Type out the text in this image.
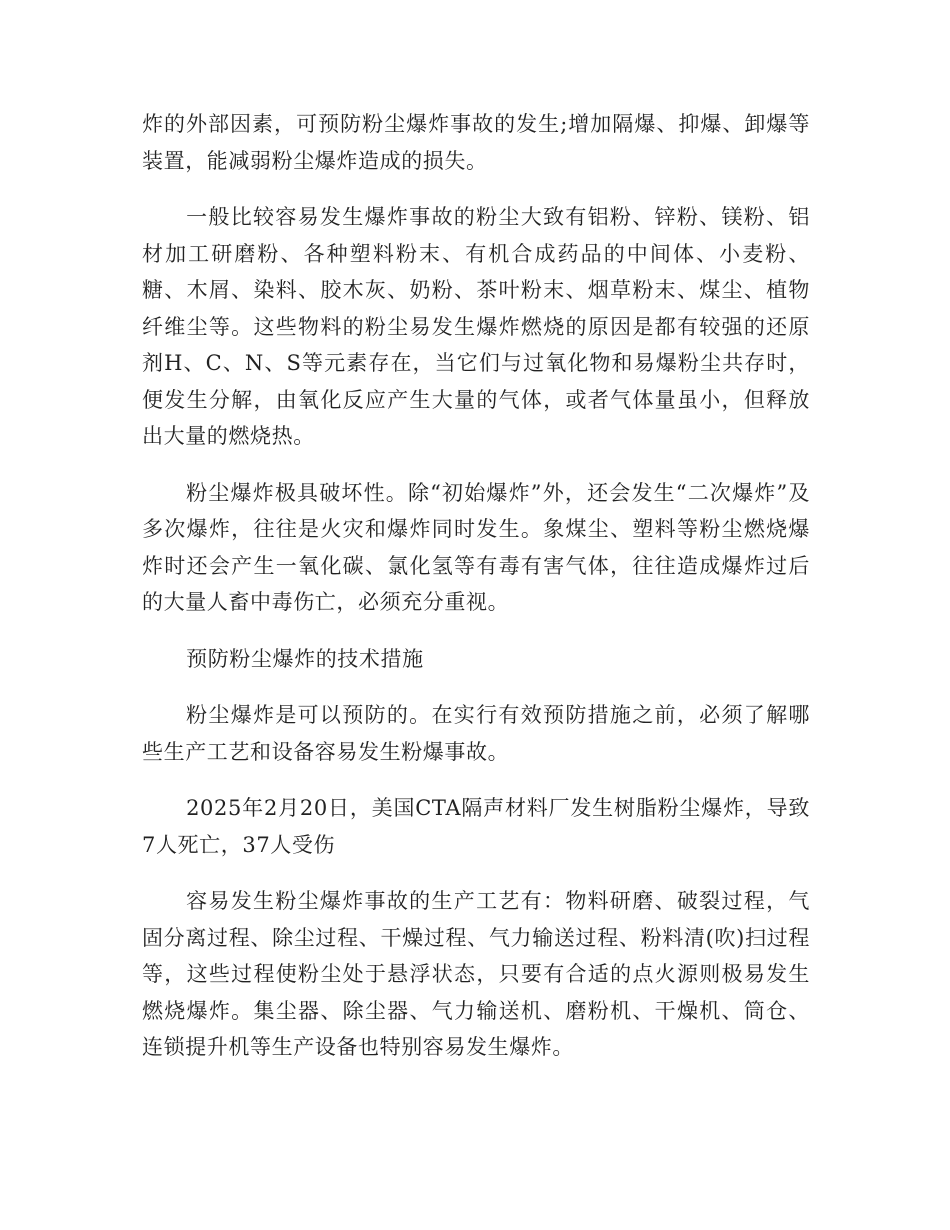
炸的外部因素，可预防粉尘爆炸事故的发生;增加隔爆、抑爆、卸爆等装置，能减弱粉尘爆炸造成的损失。

一般比较容易发生爆炸事故的粉尘大致有铝粉、锌粉、镁粉、铝材加工研磨粉、各种塑料粉末、有机合成药品的中间体、小麦粉、糖、木屑、染料、胶木灰、奶粉、茶叶粉末、烟草粉末、煤尘、植物纤维尘等。这些物料的粉尘易发生爆炸燃烧的原因是都有较强的还原剂H、C、N、S等元素存在，当它们与过氧化物和易爆粉尘共存时，便发生分解，由氧化反应产生大量的气体，或者气体量虽小，但释放出大量的燃烧热。

粉尘爆炸极具破坏性。除“初始爆炸”外，还会发生“二次爆炸”及多次爆炸，往往是火灾和爆炸同时发生。象煤尘、塑料等粉尘燃烧爆炸时还会产生一氧化碳、氯化氢等有毒有害气体，往往造成爆炸过后的大量人畜中毒伤亡，必须充分重视。

预防粉尘爆炸的技术措施

粉尘爆炸是可以预防的。在实行有效预防措施之前，必须了解哪些生产工艺和设备容易发生粉爆事故。

2025年2月20日，美国CTA隔声材料厂发生树脂粉尘爆炸，导致7人死亡，37人受伤

容易发生粉尘爆炸事故的生产工艺有：物料研磨、破裂过程，气固分离过程、除尘过程、干燥过程、气力输送过程、粉料清(吹)扫过程等，这些过程使粉尘处于悬浮状态，只要有合适的点火源则极易发生燃烧爆炸。集尘器、除尘器、气力输送机、磨粉机、干燥机、筒仓、连锁提升机等生产设备也特别容易发生爆炸。
